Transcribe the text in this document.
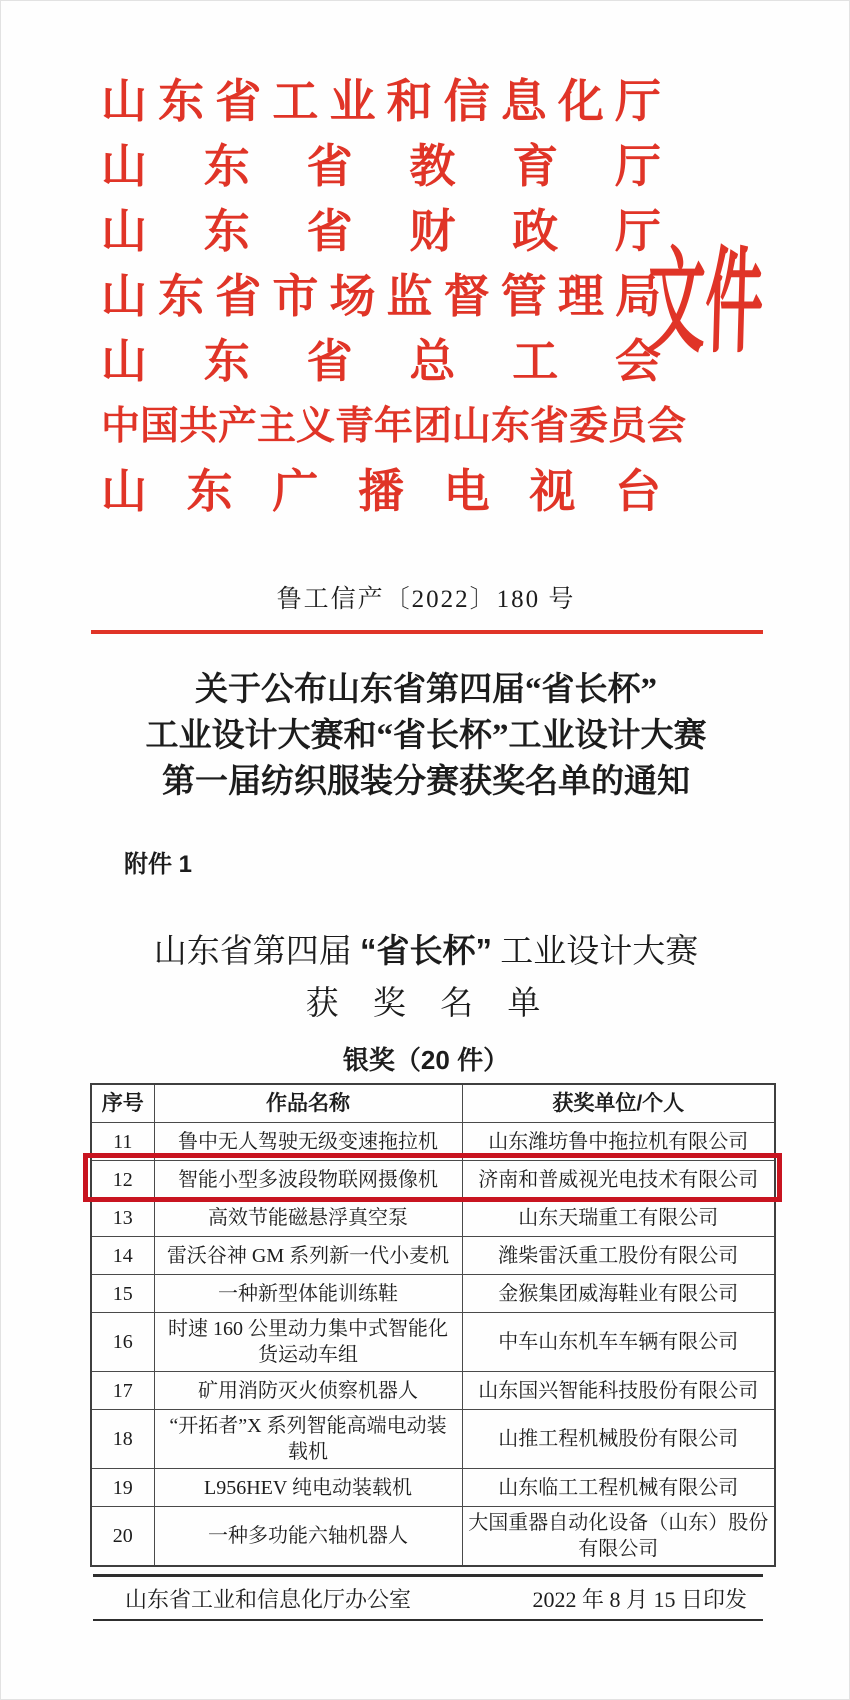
山东省工业和信息化厅
山东省教育厅
山东省财政厅
山东省市场监督管理局
山东省总工会
中国共产主义青年团山东省委员会
山东广播电视台
文件
鲁工信产〔2022〕180 号
关于公布山东省第四届“省长杯”
工业设计大赛和“省长杯”工业设计大赛
第一届纺织服装分赛获奖名单的通知
附件 1
山东省第四届 “省长杯” 工业设计大赛
获 奖 名 单
银奖（20 件）
序号	作品名称	获奖单位/个人
11	鲁中无人驾驶无级变速拖拉机	山东潍坊鲁中拖拉机有限公司
12	智能小型多波段物联网摄像机	济南和普威视光电技术有限公司
13	高效节能磁悬浮真空泵	山东天瑞重工有限公司
14	雷沃谷神 GM 系列新一代小麦机	潍柴雷沃重工股份有限公司
15	一种新型体能训练鞋	金猴集团威海鞋业有限公司
16	时速 160 公里动力集中式智能化货运动车组	中车山东机车车辆有限公司
17	矿用消防灭火侦察机器人	山东国兴智能科技股份有限公司
18	“开拓者”X 系列智能高端电动装载机	山推工程机械股份有限公司
19	L956HEV 纯电动装载机	山东临工工程机械有限公司
20	一种多功能六轴机器人	大国重器自动化设备（山东）股份有限公司
山东省工业和信息化厅办公室	2022 年 8 月 15 日印发
